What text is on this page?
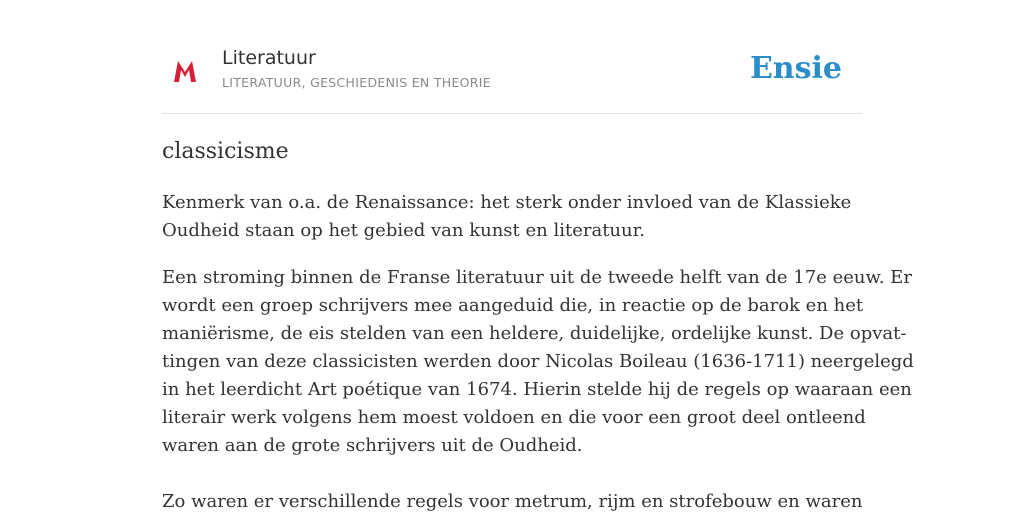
Literatuur
LITERATUUR, GESCHIEDENIS EN THEORIE	Ensie
classicisme

Kenmerk van o.a. de Renaissance: het sterk onder invloed van de Klassieke
Oudheid staan op het gebied van kunst en literatuur.

Een stroming binnen de Franse literatuur uit de tweede helft van de 17e eeuw. Er
wordt een groep schrijvers mee aangeduid die, in reactie op de barok en het
maniërisme, de eis stelden van een heldere, duidelijke, ordelijke kunst. De opvat-
tingen van deze classicisten werden door Nicolas Boileau (1636-1711) neergelegd
in het leerdicht Art poétique van 1674. Hierin stelde hij de regels op waaraan een
literair werk volgens hem moest voldoen en die voor een groot deel ontleend
waren aan de grote schrijvers uit de Oudheid.

Zo waren er verschillende regels voor metrum, rijm en strofebouw en waren
